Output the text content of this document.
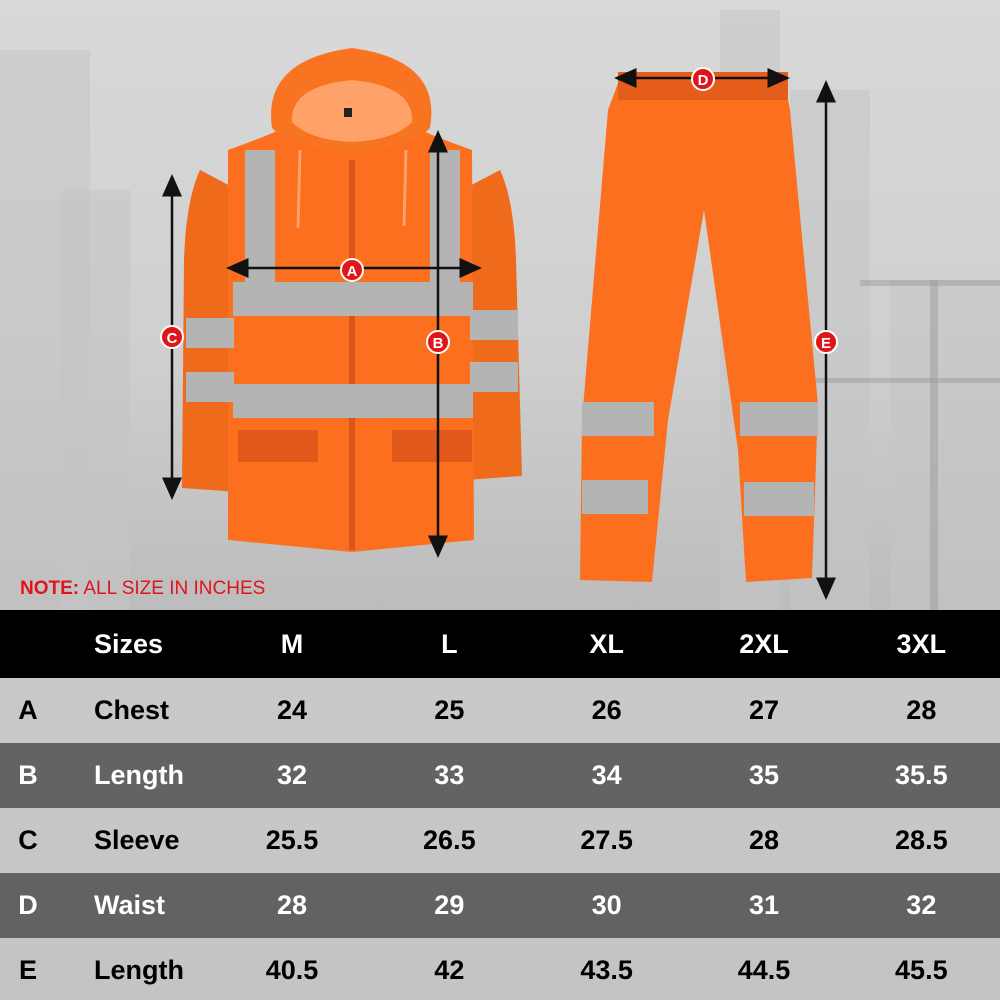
A
B
C
D
E
NOTE: ALL SIZE IN INCHES
	Sizes	M	L	XL	2XL	3XL
A	Chest	24	25	26	27	28
B	Length	32	33	34	35	35.5
C	Sleeve	25.5	26.5	27.5	28	28.5
D	Waist	28	29	30	31	32
E	Length	40.5	42	43.5	44.5	45.5
